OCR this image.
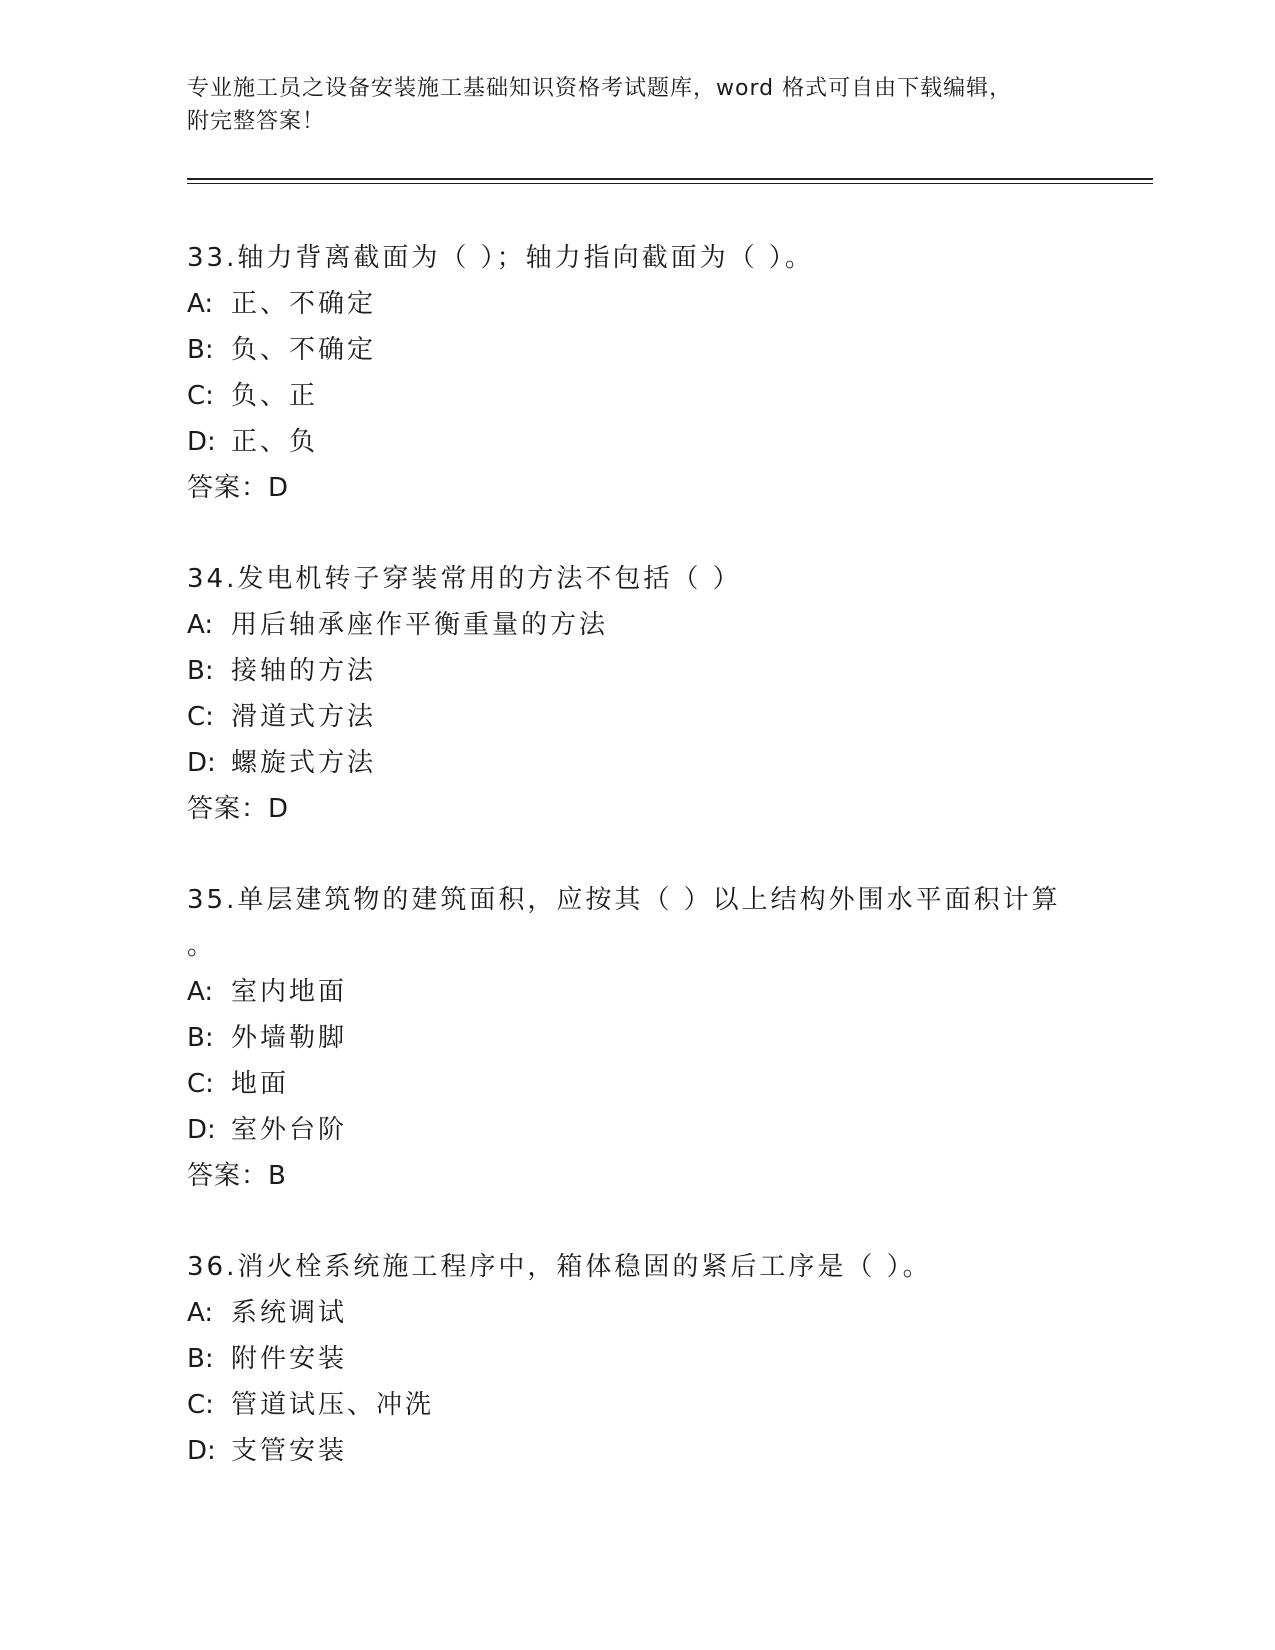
专业施工员之设备安装施工基础知识资格考试题库，word 格式可自由下载编辑，
附完整答案！
33.轴力背离截面为（ ）；轴力指向截面为（ ）。
A: 正、不确定
B: 负、不确定
C: 负、正
D: 正、负
答案：D
34.发电机转子穿装常用的方法不包括（ ）
A: 用后轴承座作平衡重量的方法
B: 接轴的方法
C: 滑道式方法
D: 螺旋式方法
答案：D
35.单层建筑物的建筑面积，应按其（ ）以上结构外围水平面积计算
。
A: 室内地面
B: 外墙勒脚
C: 地面
D: 室外台阶
答案：B
36.消火栓系统施工程序中，箱体稳固的紧后工序是（ ）。
A: 系统调试
B: 附件安装
C: 管道试压、冲洗
D: 支管安装
